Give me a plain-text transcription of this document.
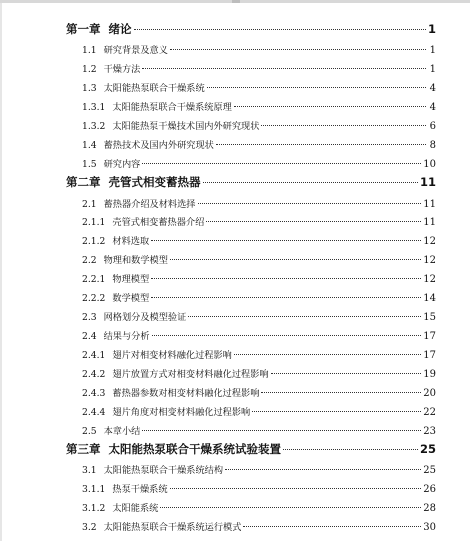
第一章 绪论	1
1.1 研究背景及意义	1
1.2 干燥方法	1
1.3 太阳能热泵联合干燥系统	4
1.3.1 太阳能热泵联合干燥系统原理	4
1.3.2 太阳能热泵干燥技术国内外研究现状	6
1.4 蓄热技术及国内外研究现状	8
1.5 研究内容	10
第二章 壳管式相变蓄热器	11
2.1 蓄热器介绍及材料选择	11
2.1.1 壳管式相变蓄热器介绍	11
2.1.2 材料选取	12
2.2 物理和数学模型	12
2.2.1 物理模型	12
2.2.2 数学模型	14
2.3 网格划分及模型验证	15
2.4 结果与分析	17
2.4.1 翅片对相变材料融化过程影响	17
2.4.2 翅片放置方式对相变材料融化过程影响	19
2.4.3 蓄热器参数对相变材料融化过程影响	20
2.4.4 翅片角度对相变材料融化过程影响	22
2.5 本章小结	23
第三章 太阳能热泵联合干燥系统试验装置	25
3.1 太阳能热泵联合干燥系统结构	25
3.1.1 热泵干燥系统	26
3.1.2 太阳能系统	28
3.2 太阳能热泵联合干燥系统运行模式	30
